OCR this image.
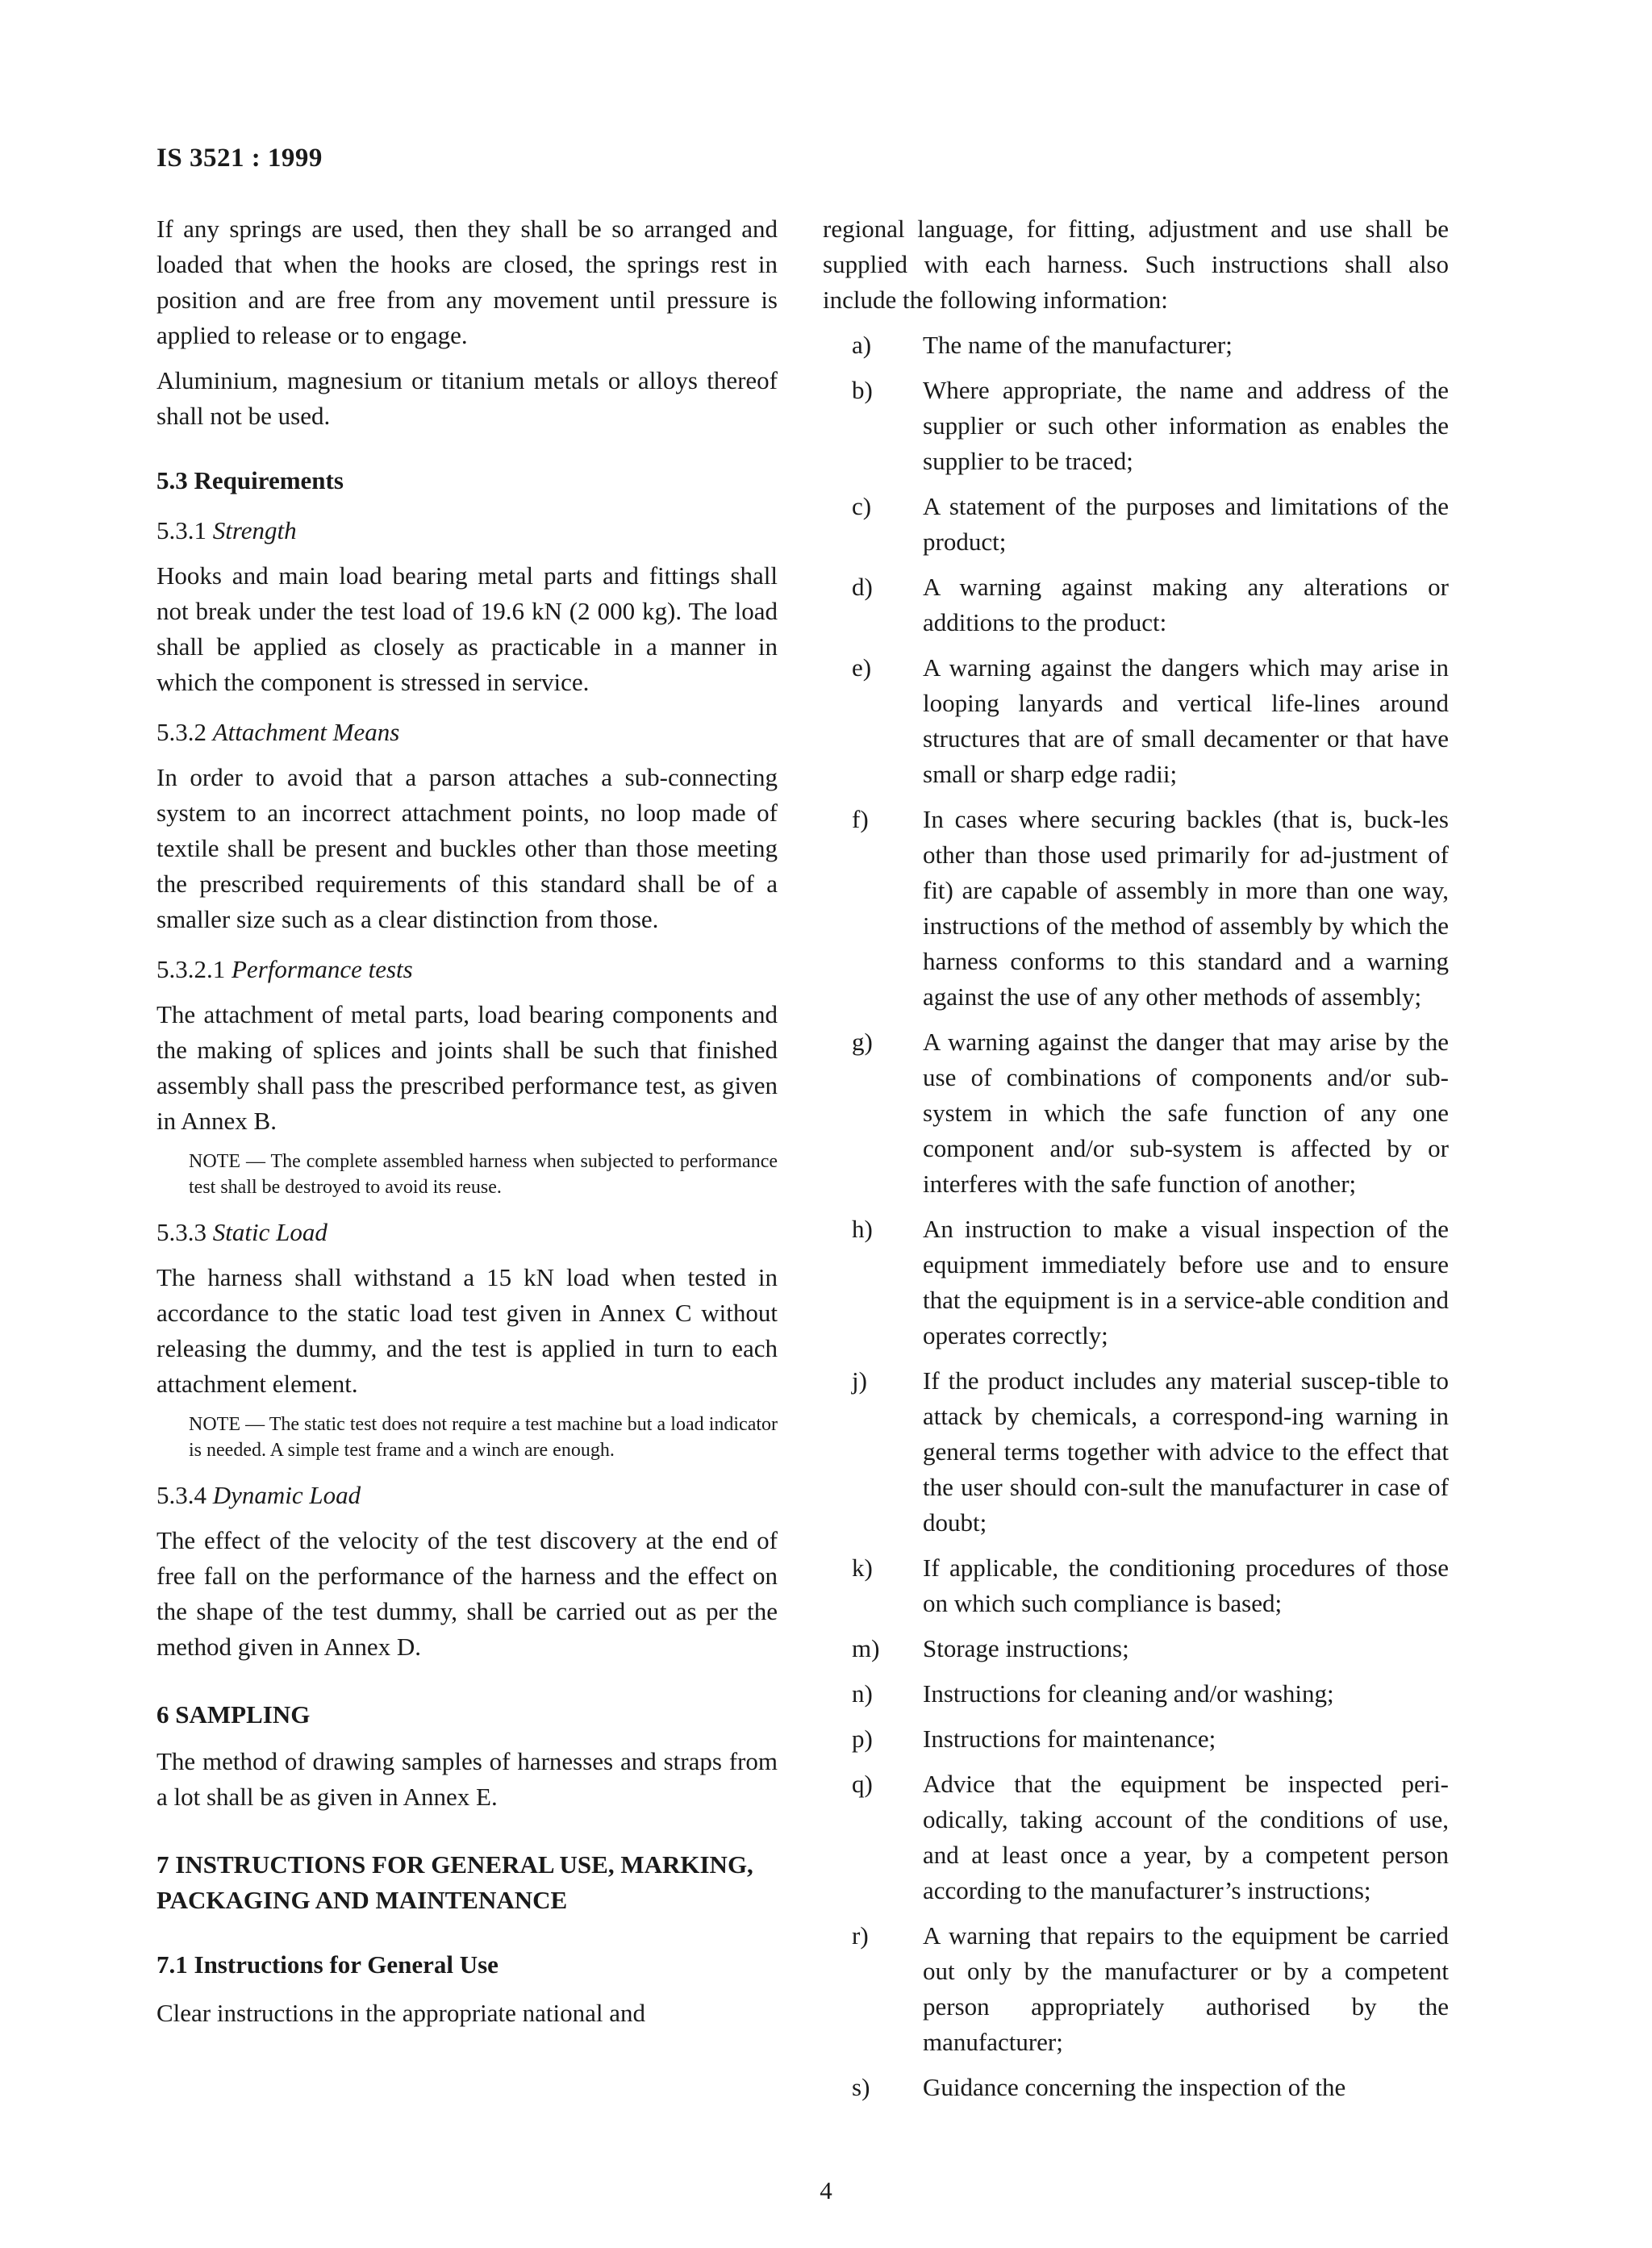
IS 3521 : 1999

If any springs are used, then they shall be so arranged and loaded that when the hooks are closed, the springs rest in position and are free from any movement until pressure is applied to release or to engage.

Aluminium, magnesium or titanium metals or alloys thereof shall not be used.

5.3 Requirements
5.3.1 Strength

Hooks and main load bearing metal parts and fittings shall not break under the test load of 19.6 kN (2 000 kg). The load shall be applied as closely as practicable in a manner in which the component is stressed in service.

5.3.2 Attachment Means

In order to avoid that a parson attaches a sub-connecting system to an incorrect attachment points, no loop made of textile shall be present and buckles other than those meeting the prescribed requirements of this standard shall be of a smaller size such as a clear distinction from those.

5.3.2.1 Performance tests

The attachment of metal parts, load bearing components and the making of splices and joints shall be such that finished assembly shall pass the prescribed performance test, as given in Annex B.

NOTE — The complete assembled harness when subjected to performance test shall be destroyed to avoid its reuse.

5.3.3 Static Load

The harness shall withstand a 15 kN load when tested in accordance to the static load test given in Annex C without releasing the dummy, and the test is applied in turn to each attachment element.

NOTE — The static test does not require a test machine but a load indicator is needed. A simple test frame and a winch are enough.

5.3.4 Dynamic Load

The effect of the velocity of the test discovery at the end of free fall on the performance of the harness and the effect on the shape of the test dummy, shall be carried out as per the method given in Annex D.

6 SAMPLING

The method of drawing samples of harnesses and straps from a lot shall be as given in Annex E.

7 INSTRUCTIONS FOR GENERAL USE, MARKING, PACKAGING AND MAINTENANCE
7.1 Instructions for General Use

Clear instructions in the appropriate national and

regional language, for fitting, adjustment and use shall be supplied with each harness. Such instructions shall also include the following information:

a)	The name of the manufacturer;
b)	Where appropriate, the name and address of the supplier or such other information as enables the supplier to be traced;
c)	A statement of the purposes and limitations of the product;
d)	A warning against making any alterations or additions to the product:
e)	A warning against the dangers which may arise in looping lanyards and vertical life-lines around structures that are of small decamenter or that have small or sharp edge radii;
f)	In cases where securing backles (that is, buck-les other than those used primarily for ad-justment of fit) are capable of assembly in more than one way, instructions of the method of assembly by which the harness conforms to this standard and a warning against the use of any other methods of assembly;
g)	A warning against the danger that may arise by the use of combinations of components and/or sub-system in which the safe function of any one component and/or sub-system is affected by or interferes with the safe function of another;
h)	An instruction to make a visual inspection of the equipment immediately before use and to ensure that the equipment is in a service-able condition and operates correctly;
j)	If the product includes any material suscep-tible to attack by chemicals, a correspond-ing warning in general terms together with advice to the effect that the user should con-sult the manufacturer in case of doubt;
k)	If applicable, the conditioning procedures of those on which such compliance is based;
m)	Storage instructions;
n)	Instructions for cleaning and/or washing;
p)	Instructions for maintenance;
q)	Advice that the equipment be inspected peri-odically, taking account of the conditions of use, and at least once a year, by a competent person according to the manufacturer’s instructions;
r)	A warning that repairs to the equipment be carried out only by the manufacturer or by a competent person appropriately authorised by the manufacturer;
s)	Guidance concerning the inspection of the
4
